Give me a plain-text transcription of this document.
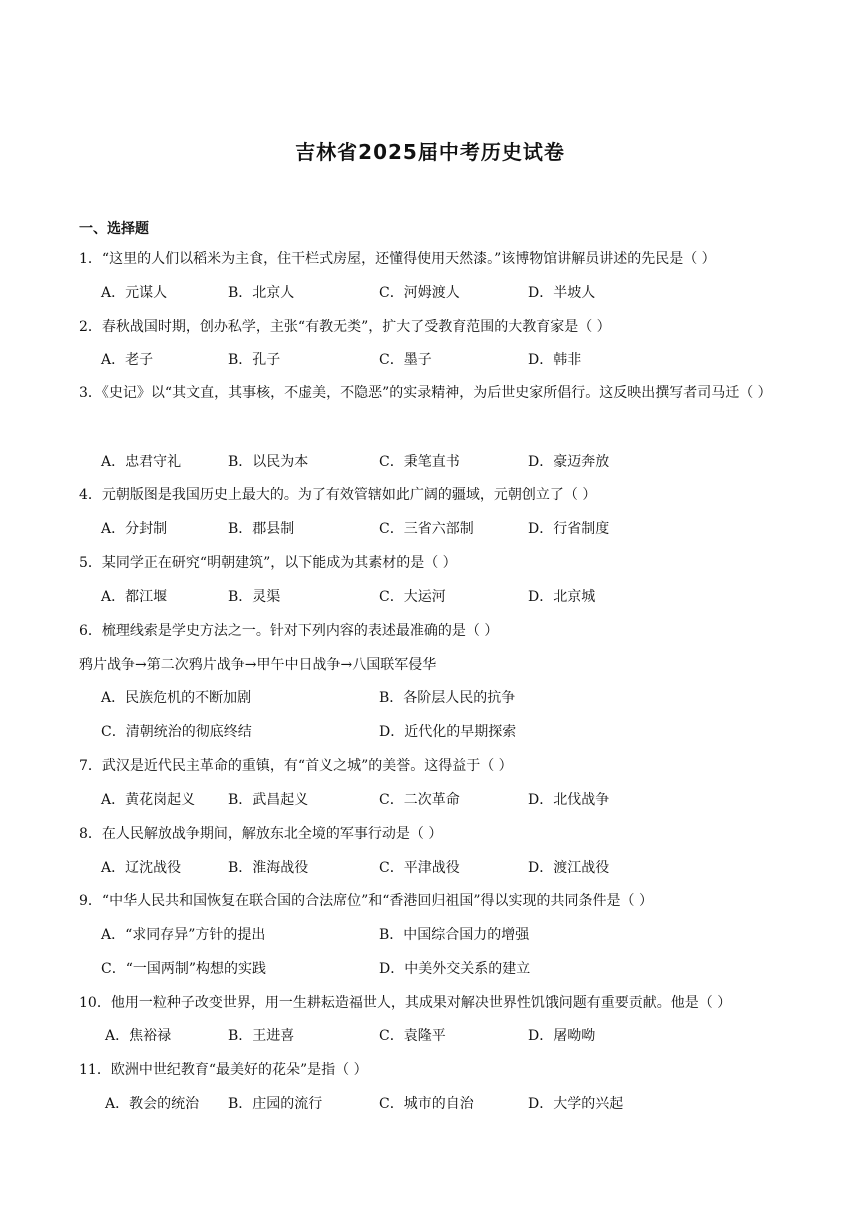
吉林省2025届中考历史试卷
一、选择题
1．“这里的人们以稻米为主食，住干栏式房屋，还懂得使用天然漆。”该博物馆讲解员讲述的先民是（ ）
A．元谋人	B．北京人	C．河姆渡人	D．半坡人
2．春秋战国时期，创办私学，主张“有教无类”，扩大了受教育范围的大教育家是（ ）
A．老子	B．孔子	C．墨子	D．韩非
3．《史记》以“其文直，其事核，不虚美，不隐恶”的实录精神，为后世史家所倡行。这反映出撰写者司马迁（ ）
A．忠君守礼	B．以民为本	C．秉笔直书	D．豪迈奔放
4．元朝版图是我国历史上最大的。为了有效管辖如此广阔的疆域，元朝创立了（ ）
A．分封制	B．郡县制	C．三省六部制	D．行省制度
5．某同学正在研究“明朝建筑”，以下能成为其素材的是（ ）
A．都江堰	B．灵渠	C．大运河	D．北京城
6．梳理线索是学史方法之一。针对下列内容的表述最准确的是（ ）
鸦片战争→第二次鸦片战争→甲午中日战争→八国联军侵华
A．民族危机的不断加剧	B．各阶层人民的抗争
C．清朝统治的彻底终结	D．近代化的早期探索
7．武汉是近代民主革命的重镇，有“首义之城”的美誉。这得益于（ ）
A．黄花岗起义 B．武昌起义	C．二次革命	D．北伐战争
8．在人民解放战争期间，解放东北全境的军事行动是（ ）
A．辽沈战役	B．淮海战役	C．平津战役	D．渡江战役
9．“中华人民共和国恢复在联合国的合法席位”和“香港回归祖国”得以实现的共同条件是（ ）
A．“求同存异”方针的提出	B．中国综合国力的增强
C．“一国两制”构想的实践	D．中美外交关系的建立
10．他用一粒种子改变世界，用一生耕耘造福世人，其成果对解决世界性饥饿问题有重要贡献。他是（ ）
A．焦裕禄	B．王进喜	C．袁隆平	D．屠呦呦
11．欧洲中世纪教育“最美好的花朵”是指（ ）
A．教会的统治 B．庄园的流行	C．城市的自治	D．大学的兴起
